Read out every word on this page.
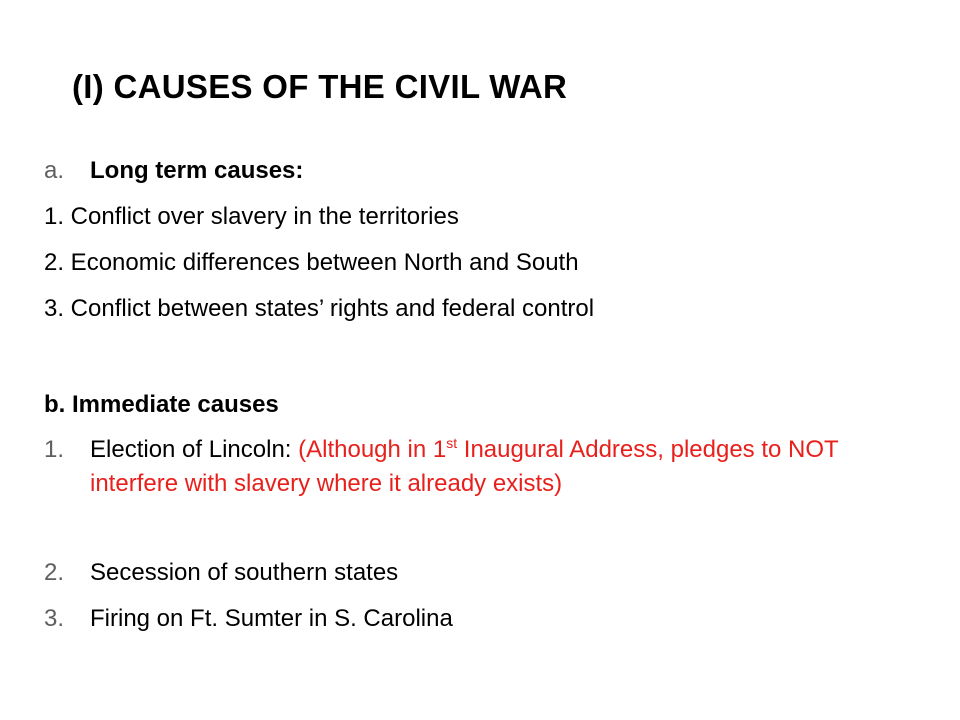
(I) CAUSES OF THE CIVIL WAR
a. Long term causes:
1. Conflict over slavery in the territories
2. Economic differences between North and South
3. Conflict between states’ rights and federal control
b. Immediate causes
1. Election of Lincoln: (Although in 1st Inaugural Address, pledges to NOT interfere with slavery where it already exists)
2. Secession of southern states
3. Firing on Ft. Sumter in S. Carolina
